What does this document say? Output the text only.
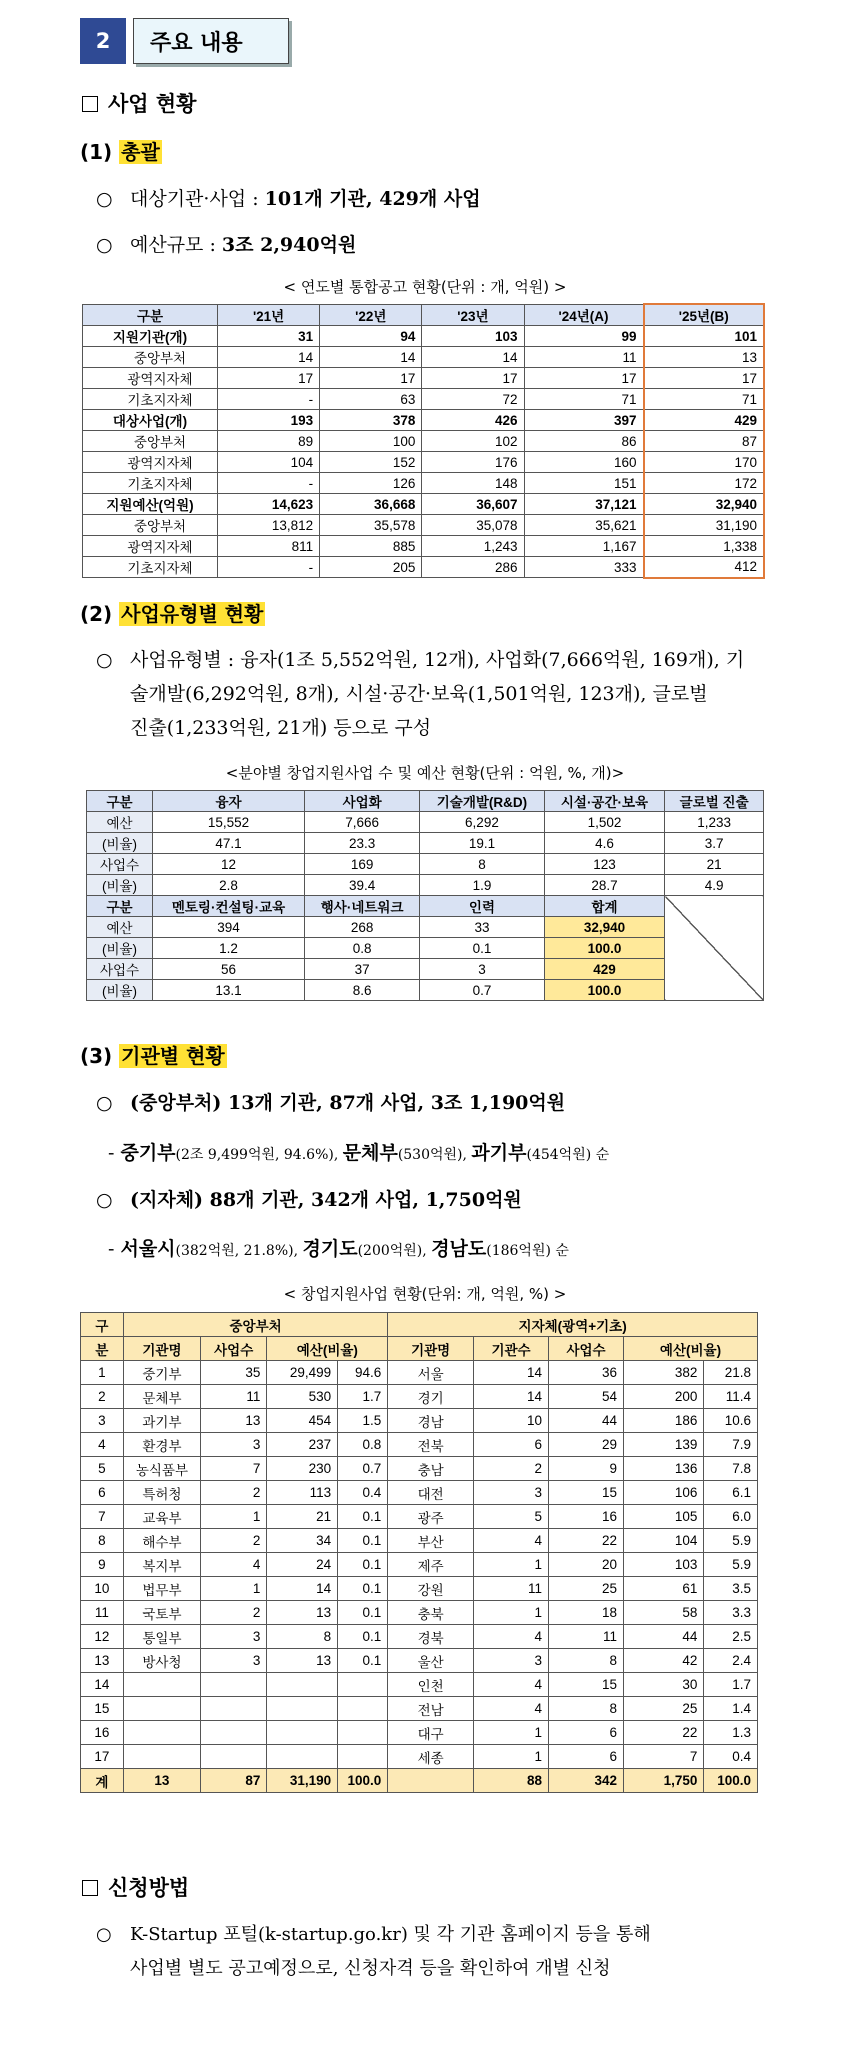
2	주요 내용
사업 현황
(1) 총괄
○ 대상기관·사업 : 101개 기관, 429개 사업
○ 예산규모 : 3조 2,940억원
< 연도별 통합공고 현황(단위 : 개, 억원) >
구분	'21년	'22년	'23년	'24년(A)	'25년(B)
지원기관(개)	31	94	103	99	101
중앙부처	14	14	14	11	13
광역지자체	17	17	17	17	17
기초지자체	-	63	72	71	71
대상사업(개)	193	378	426	397	429
중앙부처	89	100	102	86	87
광역지자체	104	152	176	160	170
기초지자체	-	126	148	151	172
지원예산(억원)	14,623	36,668	36,607	37,121	32,940
중앙부처	13,812	35,578	35,078	35,621	31,190
광역지자체	811	885	1,243	1,167	1,338
기초지자체	-	205	286	333	412
(2) 사업유형별 현황
○ 사업유형별 : 융자(1조 5,552억원, 12개), 사업화(7,666억원, 169개), 기
술개발(6,292억원, 8개), 시설·공간·보육(1,501억원, 123개), 글로벌
진출(1,233억원, 21개) 등으로 구성
<분야별 창업지원사업 수 및 예산 현황(단위 : 억원, %, 개)>
구분	융자	사업화	기술개발(R&D)	시설·공간·보육	글로벌 진출
예산	15,552	7,666	6,292	1,502	1,233
(비율)	47.1	23.3	19.1	4.6	3.7
사업수	12	169	8	123	21
(비율)	2.8	39.4	1.9	28.7	4.9
구분	멘토링·컨설팅·교육	행사·네트워크	인력	합계	
예산	394	268	33	32,940	
(비율)	1.2	0.8	0.1	100.0	
사업수	56	37	3	429	
(비율)	13.1	8.6	0.7	100.0	
(3) 기관별 현황
○ (중앙부처) 13개 기관, 87개 사업, 3조 1,190억원
- 중기부(2조 9,499억원, 94.6%), 문체부(530억원), 과기부(454억원) 순
○ (지자체) 88개 기관, 342개 사업, 1,750억원
- 서울시(382억원, 21.8%), 경기도(200억원), 경남도(186억원) 순
< 창업지원사업 현황(단위: 개, 억원, %) >
구	중앙부처				지자체(광역+기초)				
분	기관명	사업수	예산(비율)		기관명	기관수	사업수	예산(비율)	
1	중기부	35	29,499	94.6	서울	14	36	382	21.8
2	문체부	11	530	1.7	경기	14	54	200	11.4
3	과기부	13	454	1.5	경남	10	44	186	10.6
4	환경부	3	237	0.8	전북	6	29	139	7.9
5	농식품부	7	230	0.7	충남	2	9	136	7.8
6	특허청	2	113	0.4	대전	3	15	106	6.1
7	교육부	1	21	0.1	광주	5	16	105	6.0
8	해수부	2	34	0.1	부산	4	22	104	5.9
9	복지부	4	24	0.1	제주	1	20	103	5.9
10	법무부	1	14	0.1	강원	11	25	61	3.5
11	국토부	2	13	0.1	충북	1	18	58	3.3
12	통일부	3	8	0.1	경북	4	11	44	2.5
13	방사청	3	13	0.1	울산	3	8	42	2.4
14					인천	4	15	30	1.7
15					전남	4	8	25	1.4
16					대구	1	6	22	1.3
17					세종	1	6	7	0.4
계	13	87	31,190	100.0		88	342	1,750	100.0
신청방법
○ K-Startup 포털(k-startup.go.kr) 및 각 기관 홈페이지 등을 통해
사업별 별도 공고예정으로, 신청자격 등을 확인하여 개별 신청
